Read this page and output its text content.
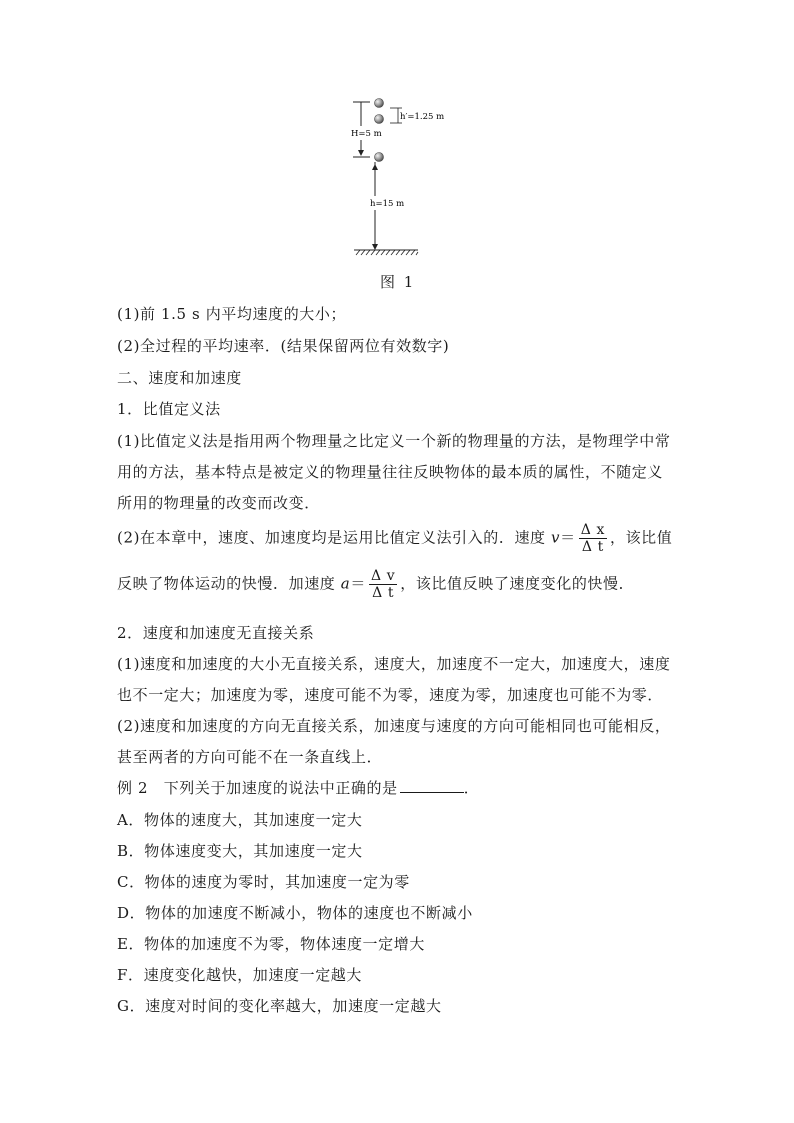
h′=1.25 m
H=5 m
h=15 m
图 1
(1)前 1.5 s 内平均速度的大小；
(2)全过程的平均速率．(结果保留两位有效数字)
二、速度和加速度
1．比值定义法
(1)比值定义法是指用两个物理量之比定义一个新的物理量的方法，是物理学中常
用的方法，基本特点是被定义的物理量往往反映物体的最本质的属性，不随定义
所用的物理量的改变而改变．
(2)在本章中，速度、加速度均是运用比值定义法引入的．速度 $v= \frac{\text{Δ x}}{\text{Δ t}}$ ，该比值
反映了物体运动的快慢．加速度 $a= \frac{\text{Δ v}}{\text{Δ t}}$ ，该比值反映了速度变化的快慢．
2．速度和加速度无直接关系
(1)速度和加速度的大小无直接关系，速度大，加速度不一定大，加速度大，速度
也不一定大；加速度为零，速度可能不为零，速度为零，加速度也可能不为零．
(2)速度和加速度的方向无直接关系，加速度与速度的方向可能相同也可能相反，
甚至两者的方向可能不在一条直线上．
例 2　下列关于加速度的说法中正确的是	．
A．物体的速度大，其加速度一定大
B．物体速度变大，其加速度一定大
C．物体的速度为零时，其加速度一定为零
D．物体的加速度不断减小，物体的速度也不断减小
E．物体的加速度不为零，物体速度一定增大
F．速度变化越快，加速度一定越大
G．速度对时间的变化率越大，加速度一定越大
